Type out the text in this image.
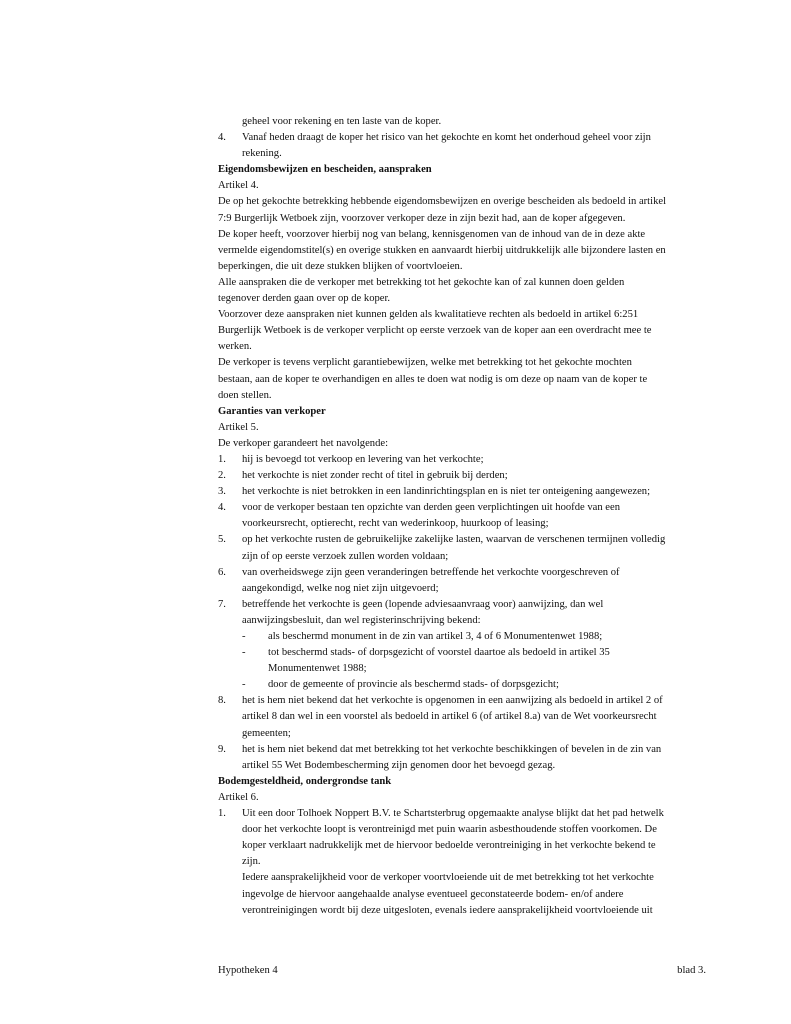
geheel voor rekening en ten laste van de koper.
4. Vanaf heden draagt de koper het risico van het gekochte en komt het onderhoud geheel voor zijn
rekening.
Eigendomsbewijzen en bescheiden, aanspraken
Artikel 4.
De op het gekochte betrekking hebbende eigendomsbewijzen en overige bescheiden als bedoeld in artikel
7:9 Burgerlijk Wetboek zijn, voorzover verkoper deze in zijn bezit had, aan de koper afgegeven.
De koper heeft, voorzover hierbij nog van belang, kennisgenomen van de inhoud van de in deze akte
vermelde eigendomstitel(s) en overige stukken en aanvaardt hierbij uitdrukkelijk alle bijzondere lasten en
beperkingen, die uit deze stukken blijken of voortvloeien.
Alle aanspraken die de verkoper met betrekking tot het gekochte kan of zal kunnen doen gelden
tegenover derden gaan over op de koper.
Voorzover deze aanspraken niet kunnen gelden als kwalitatieve rechten als bedoeld in artikel 6:251
Burgerlijk Wetboek is de verkoper verplicht op eerste verzoek van de koper aan een overdracht mee te
werken.
De verkoper is tevens verplicht garantiebewijzen, welke met betrekking tot het gekochte mochten
bestaan, aan de koper te overhandigen en alles te doen wat nodig is om deze op naam van de koper te
doen stellen.
Garanties van verkoper
Artikel 5.
De verkoper garandeert het navolgende:
1. hij is bevoegd tot verkoop en levering van het verkochte;
2. het verkochte is niet zonder recht of titel in gebruik bij derden;
3. het verkochte is niet betrokken in een landinrichtingsplan en is niet ter onteigening aangewezen;
4. voor de verkoper bestaan ten opzichte van derden geen verplichtingen uit hoofde van een
voorkeursrecht, optierecht, recht van wederinkoop, huurkoop of leasing;
5. op het verkochte rusten de gebruikelijke zakelijke lasten, waarvan de verschenen termijnen volledig
zijn of op eerste verzoek zullen worden voldaan;
6. van overheidswege zijn geen veranderingen betreffende het verkochte voorgeschreven of
aangekondigd, welke nog niet zijn uitgevoerd;
7. betreffende het verkochte is geen (lopende adviesaanvraag voor) aanwijzing, dan wel
aanwijzingsbesluit, dan wel registerinschrijving bekend:
- als beschermd monument in de zin van artikel 3, 4 of 6 Monumentenwet 1988;
- tot beschermd stads- of dorpsgezicht of voorstel daartoe als bedoeld in artikel 35
Monumentenwet 1988;
- door de gemeente of provincie als beschermd stads- of dorpsgezicht;
8. het is hem niet bekend dat het verkochte is opgenomen in een aanwijzing als bedoeld in artikel 2 of
artikel 8 dan wel in een voorstel als bedoeld in artikel 6 (of artikel 8.a) van de Wet voorkeursrecht
gemeenten;
9. het is hem niet bekend dat met betrekking tot het verkochte beschikkingen of bevelen in de zin van
artikel 55 Wet Bodembescherming zijn genomen door het bevoegd gezag.
Bodemgesteldheid, ondergrondse tank
Artikel 6.
1. Uit een door Tolhoek Noppert B.V. te Schartsterbrug opgemaakte analyse blijkt dat het pad hetwelk
door het verkochte loopt is verontreinigd met puin waarin asbesthoudende stoffen voorkomen. De
koper verklaart nadrukkelijk met de hiervoor bedoelde verontreiniging in het verkochte bekend te
zijn.
Iedere aansprakelijkheid voor de verkoper voortvloeiende uit de met betrekking tot het verkochte
ingevolge de hiervoor aangehaalde analyse eventueel geconstateerde bodem- en/of andere
verontreinigingen wordt bij deze uitgesloten, evenals iedere aansprakelijkheid voortvloeiende uit
Hypotheken 4	blad 3.
